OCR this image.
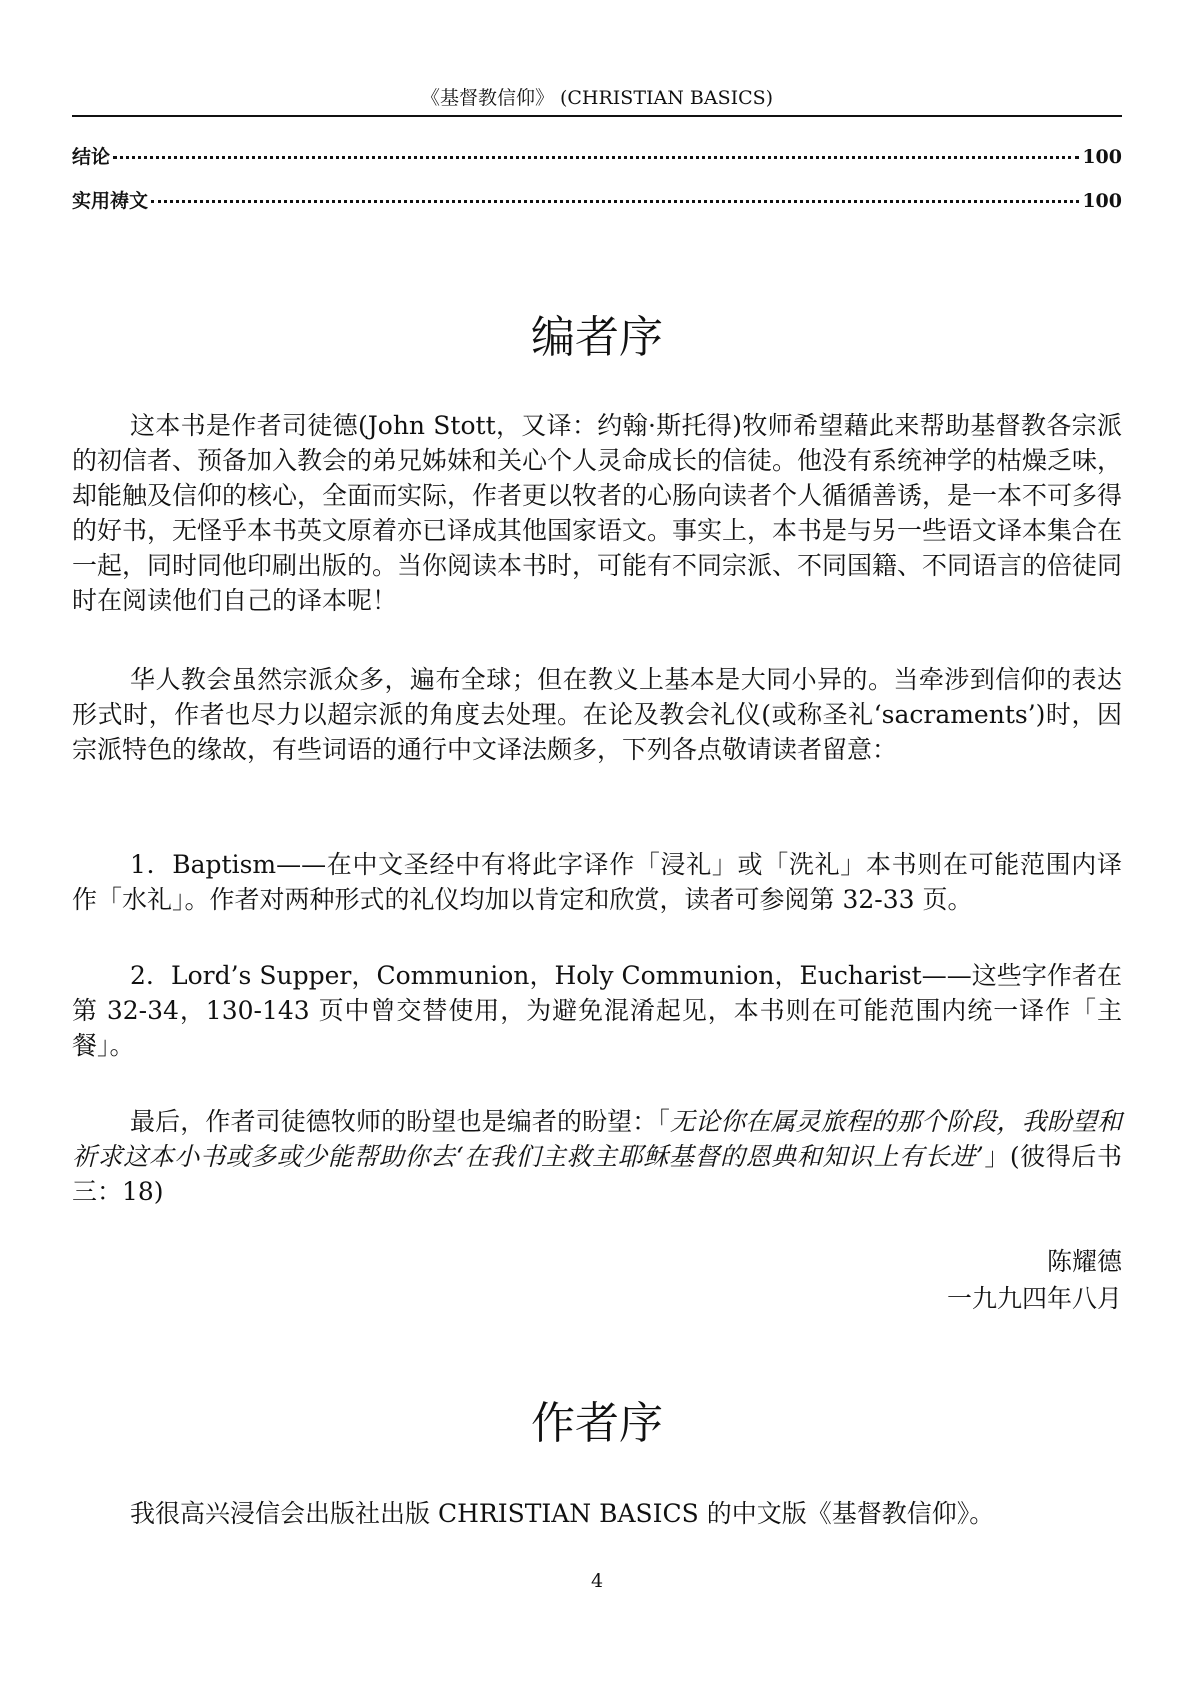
《基督教信仰》 (CHRISTIAN BASICS)
结论	100
实用祷文	100
编者序

这本书是作者司徒德(John Stott，又译：约翰·斯托得)牧师希望藉此来帮助基督教各宗派的初信者、预备加入教会的弟兄姊妹和关心个人灵命成长的信徒。他没有系统神学的枯燥乏味，却能触及信仰的核心，全面而实际，作者更以牧者的心肠向读者个人循循善诱，是一本不可多得的好书，无怪乎本书英文原着亦已译成其他国家语文。事实上，本书是与另一些语文译本集合在一起，同时同他印刷出版的。当你阅读本书时，可能有不同宗派、不同国籍、不同语言的倍徒同时在阅读他们自己的译本呢！

华人教会虽然宗派众多，遍布全球；但在教义上基本是大同小异的。当牵涉到信仰的表达形式时，作者也尽力以超宗派的角度去处理。在论及教会礼仪(或称圣礼‘sacraments’)时，因宗派特色的缘故，有些词语的通行中文译法颇多，下列各点敬请读者留意：

1．Baptism——在中文圣经中有将此字译作「浸礼」或「洗礼」本书则在可能范围内译作「水礼」。作者对两种形式的礼仪均加以肯定和欣赏，读者可参阅第 32-33 页。

2．Lord’s Supper，Communion，Holy Communion，Eucharist——这些字作者在第 32-34，130-143 页中曾交替使用，为避免混淆起见，本书则在可能范围内统一译作「主餐」。

最后，作者司徒德牧师的盼望也是编者的盼望：「无论你在属灵旅程的那个阶段，我盼望和祈求这本小书或多或少能帮助你去‘在我们主救主耶稣基督的恩典和知识上有长进’」(彼得后书三：18)

陈耀德
一九九四年八月
作者序

我很高兴浸信会出版社出版 CHRISTIAN BASICS 的中文版《基督教信仰》。

4
